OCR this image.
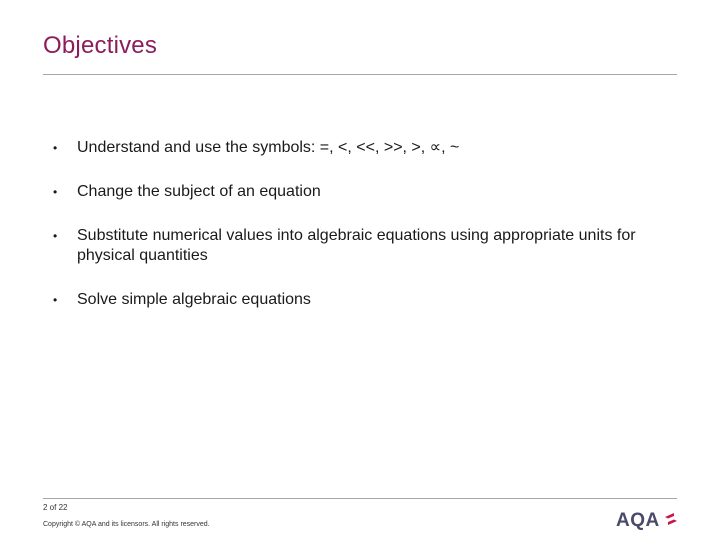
Objectives
• Understand and use the symbols: =, <, <<, >>, >, ∝, ~
• Change the subject of an equation
• Substitute numerical values into algebraic equations using appropriate units for physical quantities
• Solve simple algebraic equations
2 of 22
Copyright © AQA and its licensors. All rights reserved.	AQA
